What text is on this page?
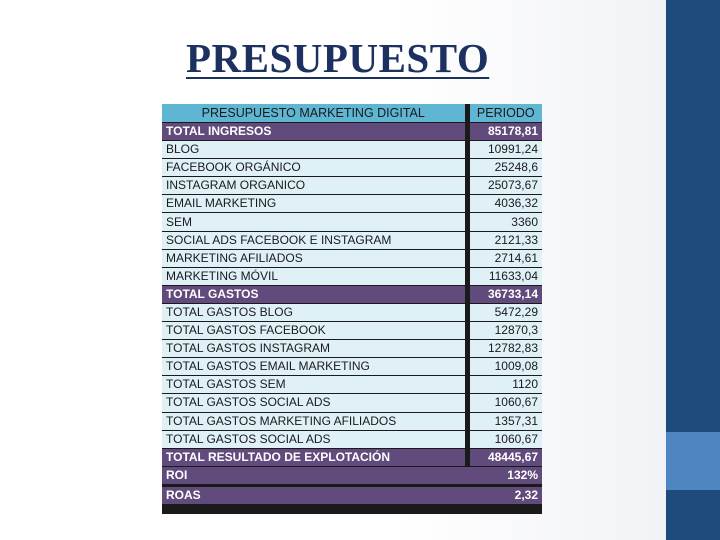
PRESUPUESTO
PRESUPUESTO MARKETING DIGITAL	PERIODO
TOTAL INGRESOS	85178,81
BLOG	10991,24
FACEBOOK ORGÁNICO	25248,6
INSTAGRAM ORGANICO	25073,67
EMAIL MARKETING	4036,32
SEM	3360
SOCIAL ADS FACEBOOK E INSTAGRAM	2121,33
MARKETING AFILIADOS	2714,61
MARKETING MÓVIL	11633,04
TOTAL GASTOS	36733,14
TOTAL GASTOS BLOG	5472,29
TOTAL GASTOS FACEBOOK	12870,3
TOTAL GASTOS INSTAGRAM	12782,83
TOTAL GASTOS EMAIL MARKETING	1009,08
TOTAL GASTOS SEM	1120
TOTAL GASTOS SOCIAL ADS	1060,67
TOTAL GASTOS MARKETING AFILIADOS	1357,31
TOTAL GASTOS SOCIAL ADS	1060,67
TOTAL RESULTADO DE EXPLOTACIÓN	48445,67
ROI	132%
ROAS	2,32
